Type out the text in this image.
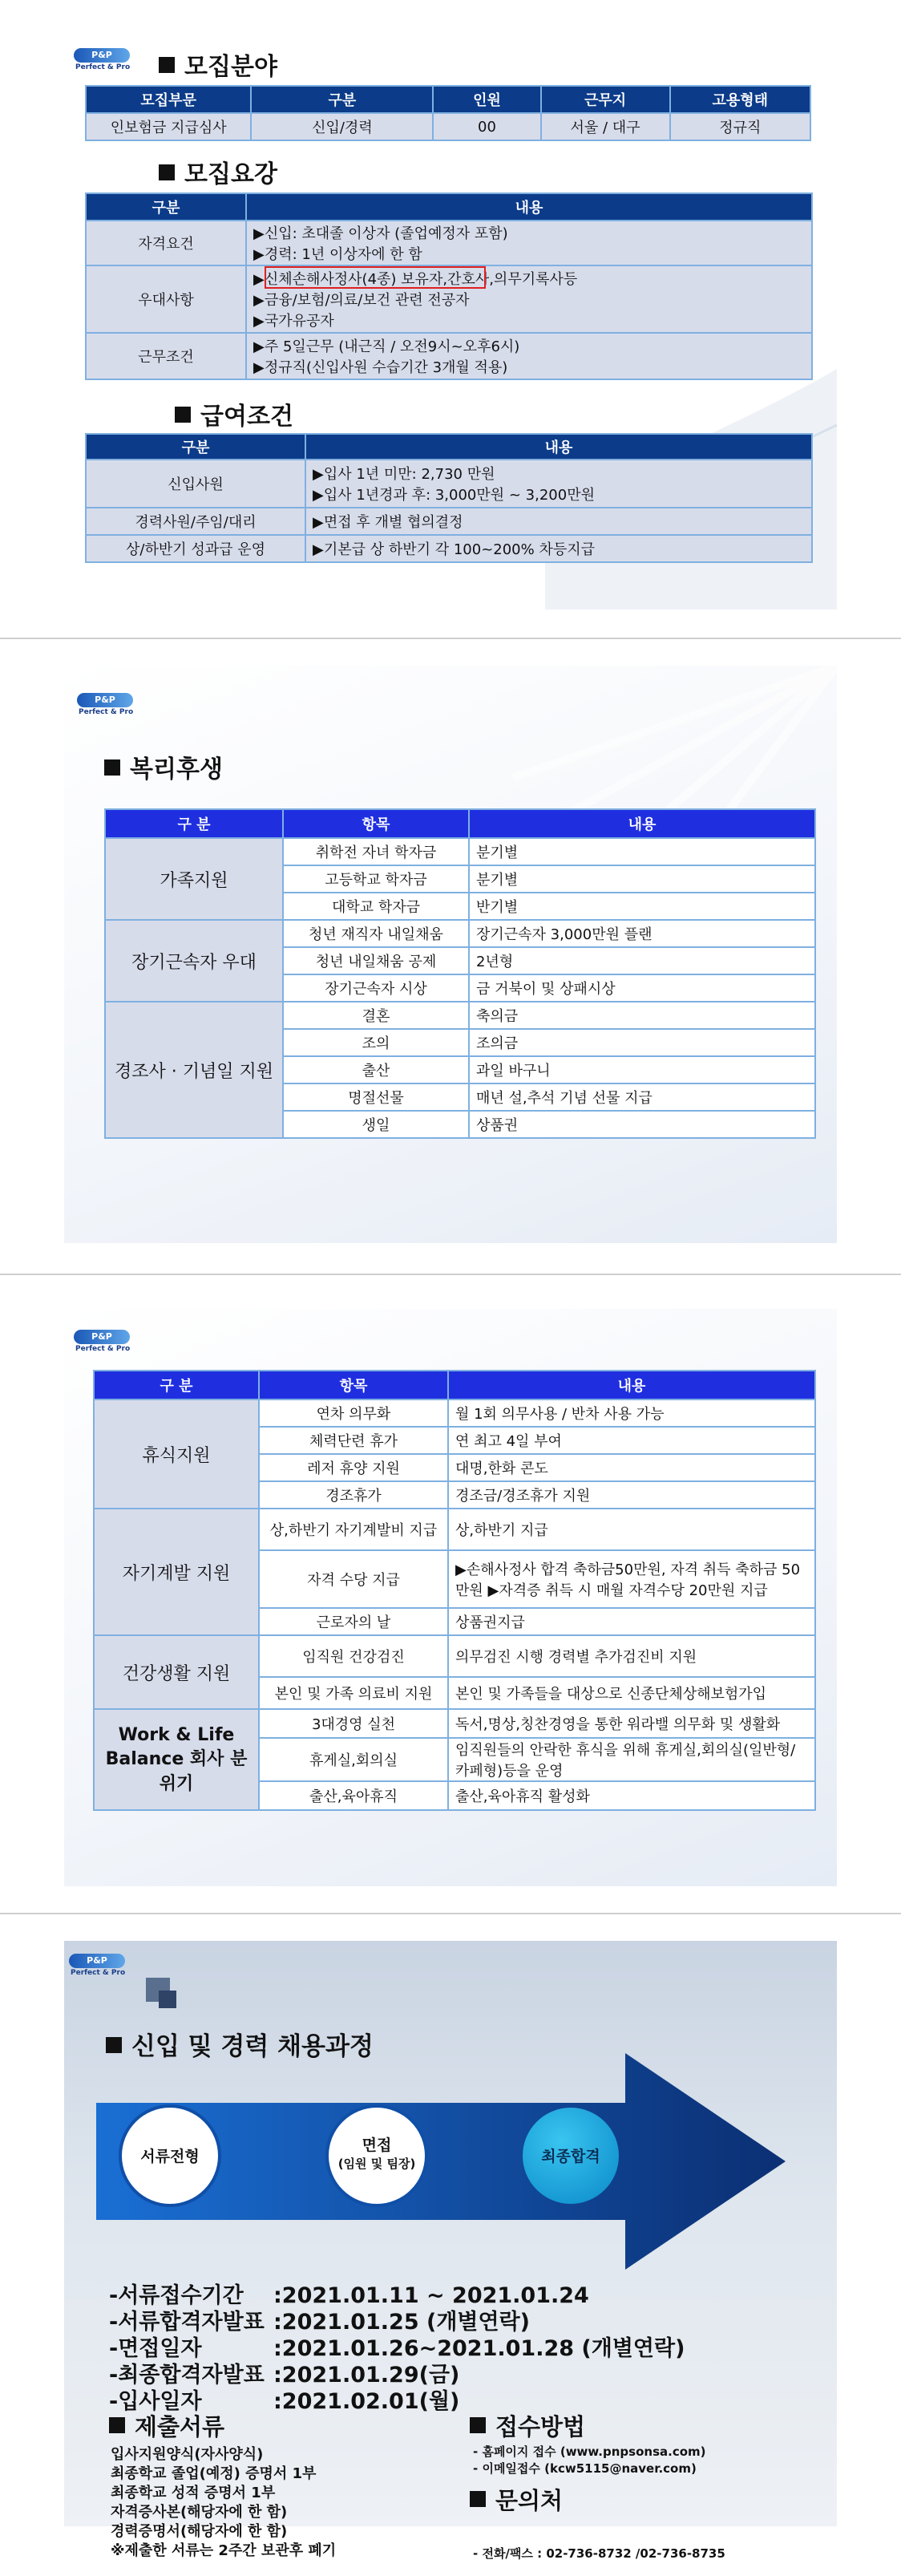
P&P
Perfect & Pro	모집분야
모집부문	구분	인원	근무지	고용형태
인보험금 지급심사	신입/경력	00	서울 / 대구	정규직
모집요강
구분	내용
자격요건	▶신입: 초대졸 이상자 (졸업예정자 포함)
▶경력: 1년 이상자에 한 함

우대사항	▶신체손해사정사(4종) 보유자,간호사,의무기록사등
▶금융/보험/의료/보건 관련 전공자
▶국가유공자

근무조건	▶주 5일근무 (내근직 / 오전9시~오후6시)
▶정규직(신입사원 수습기간 3개월 적용)
급여조건
구분	내용
신입사원	▶입사 1년 미만: 2,730 만원
▶입사 1년경과 후: 3,000만원 ~ 3,200만원

경력사원/주임/대리	▶면접 후 개별 협의결정
상/하반기 성과급 운영	▶기본급 상 하반기 각 100~200% 차등지급
P&P
Perfect & Pro
복리후생
구 분	항목	내용
가족지원	취학전 자녀 학자금	분기별
	고등학교 학자금	분기별
	대학교 학자금	반기별
장기근속자 우대	청년 재직자 내일채움	장기근속자 3,000만원 플랜
	청년 내일채움 공제	2년형
	장기근속자 시상	금 거북이 및 상패시상
경조사 · 기념일 지원	결혼	축의금
	조의	조의금
	출산	과일 바구니
	명절선물	매년 설,추석 기념 선물 지급
	생일	상품권
P&P
Perfect & Pro
구 분	항목	내용
휴식지원	연차 의무화	월 1회 의무사용 / 반차 사용 가능
	체력단련 휴가	연 최고 4일 부여
	레저 휴양 지원	대명,한화 콘도
	경조휴가	경조금/경조휴가 지원
자기계발 지원	상,하반기 자기계발비 지급	상,하반기 지급
	자격 수당 지급	▶손해사정사 합격 축하금50만원, 자격 취득 축하금 50만원 ▶자격증 취득 시 매월 자격수당 20만원 지급
	근로자의 날	상품권지급
건강생활 지원	임직원 건강검진	의무검진 시행 경력별 추가검진비 지원
	본인 및 가족 의료비 지원	본인 및 가족들을 대상으로 신종단체상해보험가입
Work & Life Balance 회사 분위기	3대경영 실천	독서,명상,칭찬경영을 통한 워라밸 의무화 및 생활화
	휴게실,회의실	임직원들의 안락한 휴식을 위해 휴게실,회의실(일반형/카페형)등을 운영
	출산,육아휴직	출산,육아휴직 활성화
P&P
Perfect & Pro
신입 및 경력 채용과정
서류전형
면접
(임원 및 팀장)	최종합격
-서류접수기간 :2021.01.11 ~ 2021.01.24
-서류합격자발표 :2021.01.25 (개별연락)
-면접일자	:2021.01.26~2021.01.28 (개별연락)
-최종합격자발표 :2021.01.29(금)
-입사일자	:2021.02.01(월)
제출서류
입사지원양식(자사양식)
최종학교 졸업(예정) 증명서 1부
최종학교 성적 증명서 1부
자격증사본(해당자에 한 함)
경력증명서(해당자에 한 함)
※제출한 서류는 2주간 보관후 폐기
접수방법
- 홈페이지 접수 (www.pnpsonsa.com)
- 이메일접수 (kcw5115@naver.com)
문의처

- 전화/팩스 : 02-736-8732 /02-736-8735
